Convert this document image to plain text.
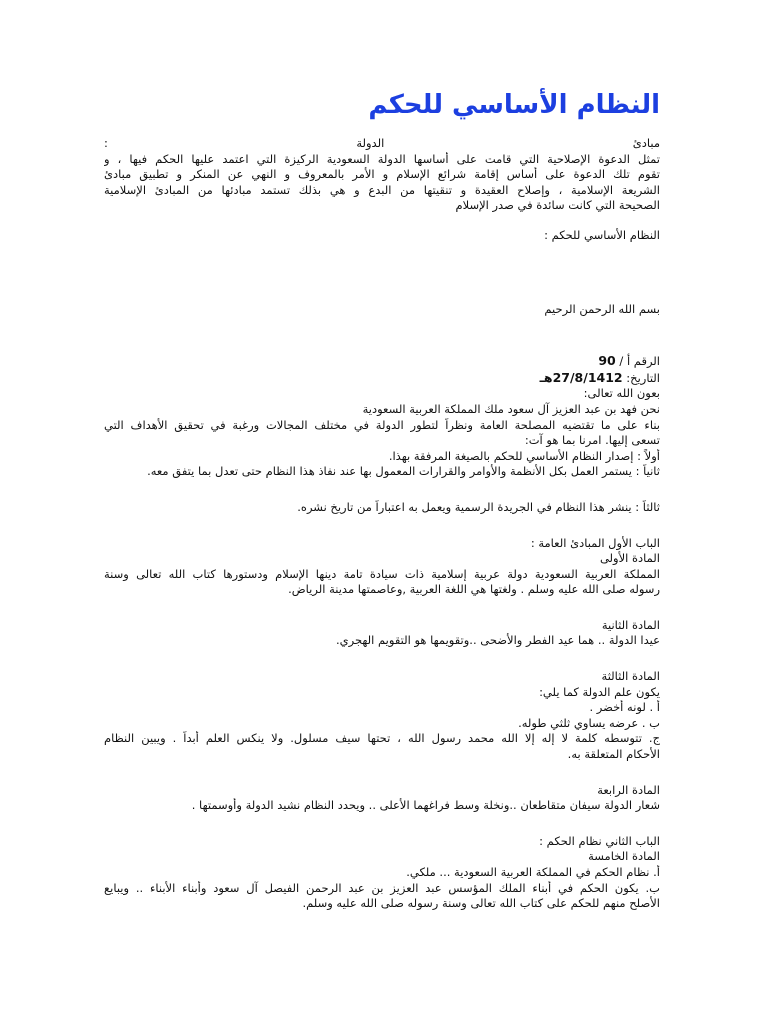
النظام الأساسي للحكم
مبادئ الدولة :
تمثل الدعوة الإصلاحية التي قامت على أساسها الدولة السعودية الركيزة التي اعتمد عليها الحكم فيها ، و
تقوم تلك الدعوة على أساس إقامة شرائع الإسلام و الأمر بالمعروف و النهي عن المنكر و تطبيق مبادئ
الشريعة الإسلامية ، وإصلاح العقيدة و تنقيتها من البدع و هي بذلك تستمد مبادئها من المبادئ الإسلامية
الصحيحة التي كانت سائدة في صدر الإسلام
النظام الأساسي للحكم :
بسم الله الرحمن الرحيم
الرقم أ / 90
التاريخ: 27/8/1412هـ
بعون الله تعالى:
نحن فهد بن عبد العزيز آل سعود ملك المملكة العربية السعودية
بناء على ما تقتضيه المصلحة العامة ونظراً لتطور الدولة في مختلف المجالات ورغبة في تحقيق الأهداف التي
تسعى إليها. امرنا بما هو آت:
أولاً : إصدار النظام الأساسي للحكم بالصيغة المرفقة بهذا.
ثانياً : يستمر العمل بكل الأنظمة والأوامر والقرارات المعمول بها عند نفاذ هذا النظام حتى تعدل بما يتفق معه.
ثالثاً : ينشر هذا النظام في الجريدة الرسمية ويعمل به اعتباراً من تاريخ نشره.
الباب الأول المبادئ العامة :
المادة الأولى
المملكة العربية السعودية دولة عربية إسلامية ذات سيادة تامة دينها الإسلام ودستورها كتاب الله تعالى وسنة
رسوله صلى الله عليه وسلم . ولغتها هي اللغة العربية ,وعاصمتها مدينة الرياض.
المادة الثانية
عيدا الدولة .. هما عيد الفطر والأضحى ..وتقويمها هو التقويم الهجري.
المادة الثالثة
يكون علم الدولة كما يلي:
أ . لونه أخضر .
ب . عرضه يساوي ثلثي طوله.
ج. تتوسطه كلمة لا إله إلا الله محمد رسول الله ، تحتها سيف مسلول. ولا ينكس العلم أبداً . ويبين النظام
الأحكام المتعلقة به.
المادة الرابعة
شعار الدولة سيفان متقاطعان ..ونخلة وسط فراغهما الأعلى .. ويحدد النظام نشيد الدولة وأوسمتها .
الباب الثاني نظام الحكم :
المادة الخامسة
أ. نظام الحكم في المملكة العربية السعودية ... ملكي.
ب. يكون الحكم في أبناء الملك المؤسس عبد العزيز بن عبد الرحمن الفيصل آل سعود وأبناء الأبناء .. ويبايع
الأصلح منهم للحكم على كتاب الله تعالى وسنة رسوله صلى الله عليه وسلم.
